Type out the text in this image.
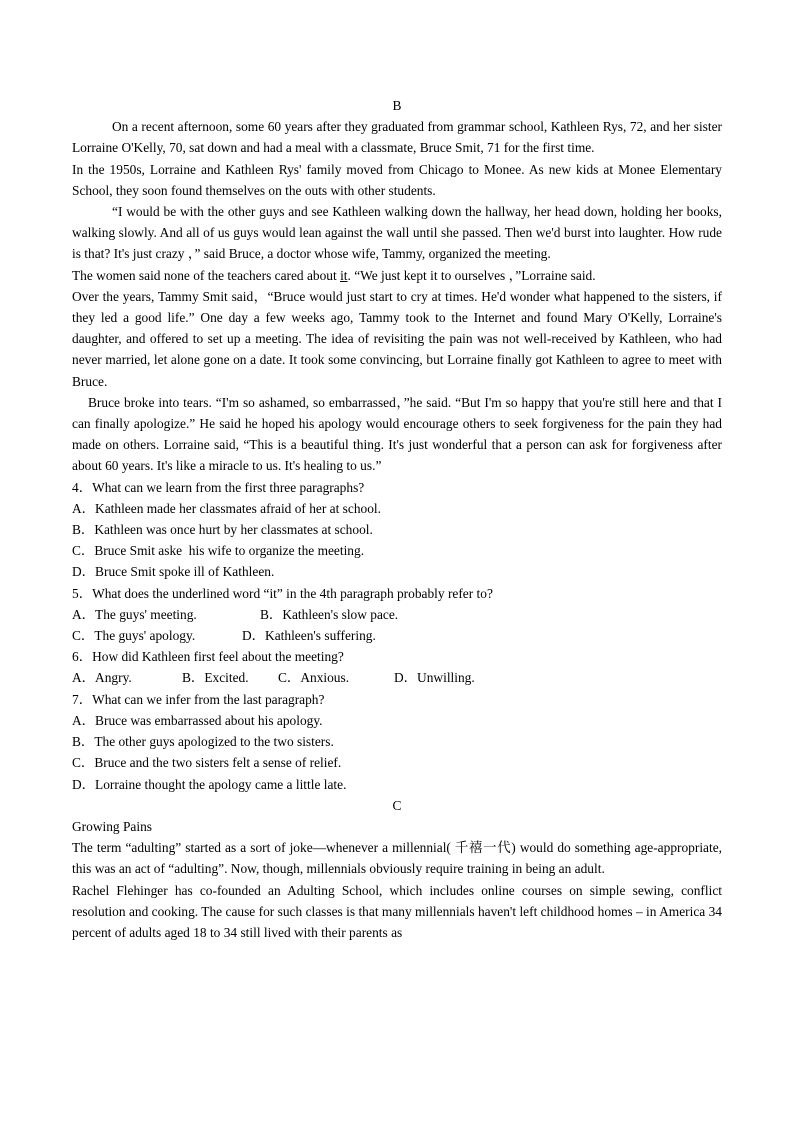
B

On a recent afternoon, some 60 years after they graduated from grammar school, Kathleen Rys, 72, and her sister Lorraine O'Kelly, 70, sat down and had a meal with a classmate, Bruce Smit, 71 for the first time.

In the 1950s, Lorraine and Kathleen Rys' family moved from Chicago to Monee. As new kids at Monee Elementary School, they soon found themselves on the outs with other students.

“I would be with the other guys and see Kathleen walking down the hallway, her head down, holding her books, walking slowly. And all of us guys would lean against the wall until she passed. Then we'd burst into laughter. How rude is that? It's just crazy ，” said Bruce, a doctor whose wife, Tammy, organized the meeting.

The women said none of the teachers cared about it. “We just kept it to ourselves ，”Lorraine said.

Over the years, Tammy Smit said，“Bruce would just start to cry at times. He'd wonder what happened to the sisters, if they led a good life.” One day a few weeks ago, Tammy took to the Internet and found Mary O'Kelly, Lorraine's daughter, and offered to set up a meeting. The idea of revisiting the pain was not well-received by Kathleen, who had never married, let alone gone on a date. It took some convincing, but Lorraine finally got Kathleen to agree to meet with Bruce.

Bruce broke into tears. “I'm so ashamed, so embarrassed，”he said. “But I'm so happy that you're still here and that I can finally apologize.” He said he hoped his apology would encourage others to seek forgiveness for the pain they had made on others. Lorraine said, “This is a beautiful thing. It's just wonderful that a person can ask for forgiveness after about 60 years. It's like a miracle to us. It's healing to us.”

4．What can we learn from the first three paragraphs?

A．Kathleen made her classmates afraid of her at school.

B．Kathleen was once hurt by her classmates at school.

C．Bruce Smit aske  his wife to organize the meeting.

D．Bruce Smit spoke ill of Kathleen.

5．What does the underlined word “it” in the 4th paragraph probably refer to?

A．The guys' meeting.	B．Kathleen's slow pace.

C．The guys' apology.	D．Kathleen's suffering.

6．How did Kathleen first feel about the meeting?

A．Angry.	B．Excited. C．Anxious.	D．Unwilling.

7．What can we infer from the last paragraph?

A．Bruce was embarrassed about his apology.

B．The other guys apologized to the two sisters.

C．Bruce and the two sisters felt a sense of relief.

D．Lorraine thought the apology came a little late.

C

Growing Pains

The term “adulting” started as a sort of joke—whenever a millennial( 千禧一代) would do something age-appropriate, this was an act of “adulting”. Now, though, millennials obviously require training in being an adult.

Rachel Flehinger has co-founded an Adulting School, which includes online courses on simple sewing, conflict resolution and cooking. The cause for such classes is that many millennials haven't left childhood homes – in America 34 percent of adults aged 18 to 34 still lived with their parents as
